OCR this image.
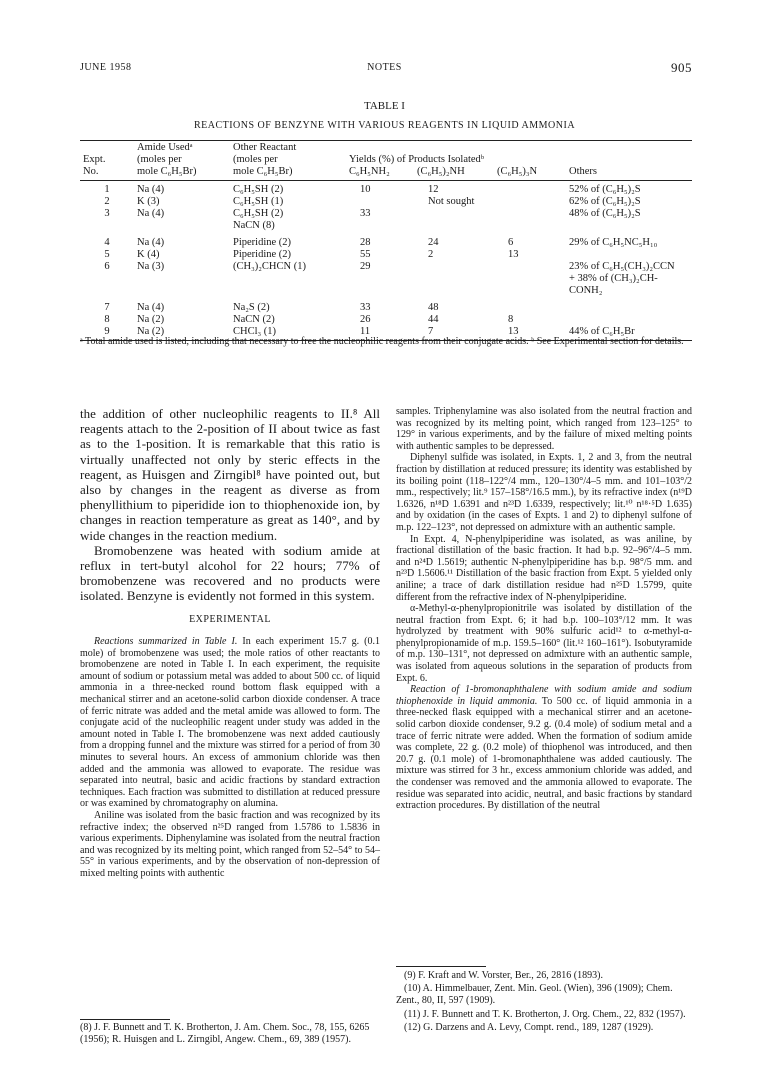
JUNE 1958	NOTES	905
TABLE I
REACTIONS OF BENZYNE WITH VARIOUS REAGENTS IN LIQUID AMMONIA
	Amide Usedᵃ	Other Reactant				
Expt.	(moles per	(moles per	Yields (%) of Products Isolatedᵇ			
No.	mole C₆H₅Br)	mole C₆H₅Br)	C₆H₅NH₂	(C₆H₅)₂NH	(C₆H₅)₃N	Others
1	Na (4)	C₆H₅SH (2)	10	12		52% of (C₆H₅)₂S
2	K (3)	C₆H₅SH (1)		Not sought		62% of (C₆H₅)₂S
3	Na (4)	C₆H₅SH (2)	33			48% of (C₆H₅)₂S
		NaCN (8)				
4	Na (4)	Piperidine (2)	28	24	6	29% of C₆H₅NC₅H₁₀
5	K (4)	Piperidine (2)	55	2	13	
6	Na (3)	(CH₃)₂CHCN (1)	29			23% of C₆H₅(CH₃)₂CCN
						+ 38% of (CH₃)₂CH-
						CONH₂
7	Na (4)	Na₂S (2)	33	48		
8	Na (2)	NaCN (2)	26	44	8	
9	Na (2)	CHCl₃ (1)	11	7	13	44% of C₆H₅Br
ᵃ Total amide used is listed, including that necessary to free the nucleophilic reagents from their conjugate acids. ᵇ See Experimental section for details.

the addition of other nucleophilic reagents to II.⁸ All reagents attach to the 2-position of II about twice as fast as to the 1-position. It is remarkable that this ratio is virtually unaffected not only by steric effects in the reagent, as Huisgen and Zirngibl⁸ have pointed out, but also by changes in the reagent as diverse as from phenyllithium to piperidide ion to thiophenoxide ion, by changes in reaction temperature as great as 140°, and by wide changes in the reaction medium.

Bromobenzene was heated with sodium amide at reflux in tert-butyl alcohol for 22 hours; 77% of bromobenzene was recovered and no products were isolated. Benzyne is evidently not formed in this system.

EXPERIMENTAL

Reactions summarized in Table I. In each experiment 15.7 g. (0.1 mole) of bromobenzene was used; the mole ratios of other reactants to bromobenzene are noted in Table I. In each experiment, the requisite amount of sodium or potassium metal was added to about 500 cc. of liquid ammonia in a three-necked round bottom flask equipped with a mechanical stirrer and an acetone-solid carbon dioxide condenser. A trace of ferric nitrate was added and the metal amide was allowed to form. The conjugate acid of the nucleophilic reagent under study was added in the amount noted in Table I. The bromobenzene was next added cautiously from a dropping funnel and the mixture was stirred for a period of from 30 minutes to several hours. An excess of ammonium chloride was then added and the ammonia was allowed to evaporate. The residue was separated into neutral, basic and acidic fractions by standard extraction techniques. Each fraction was submitted to distillation at reduced pressure or was examined by chromatography on alumina.

Aniline was isolated from the basic fraction and was recognized by its refractive index; the observed n²⁵D ranged from 1.5786 to 1.5836 in various experiments. Diphenylamine was isolated from the neutral fraction and was recognized by its melting point, which ranged from 52–54° to 54–55° in various experiments, and by the observation of non-depression of mixed melting points with authentic

(8) J. F. Bunnett and T. K. Brotherton, J. Am. Chem. Soc., 78, 155, 6265 (1956); R. Huisgen and L. Zirngibl, Angew. Chem., 69, 389 (1957).

samples. Triphenylamine was also isolated from the neutral fraction and was recognized by its melting point, which ranged from 123–125° to 129° in various experiments, and by the failure of mixed melting points with authentic samples to be depressed.

Diphenyl sulfide was isolated, in Expts. 1, 2 and 3, from the neutral fraction by distillation at reduced pressure; its identity was established by its boiling point (118–122°/4 mm., 120–130°/4–5 mm. and 101–103°/2 mm., respectively; lit.⁹ 157–158°/16.5 mm.), by its refractive index (n¹⁹D 1.6326, n¹⁸D 1.6391 and n²³D 1.6339, respectively; lit.¹⁰ n¹⁸·⁵D 1.635) and by oxidation (in the cases of Expts. 1 and 2) to diphenyl sulfone of m.p. 122–123°, not depressed on admixture with an authentic sample.

In Expt. 4, N-phenylpiperidine was isolated, as was aniline, by fractional distillation of the basic fraction. It had b.p. 92–96°/4–5 mm. and n²⁴D 1.5619; authentic N-phenylpiperidine has b.p. 98°/5 mm. and n²³D 1.5606.¹¹ Distillation of the basic fraction from Expt. 5 yielded only aniline; a trace of dark distillation residue had n²⁵D 1.5799, quite different from the refractive index of N-phenylpiperidine.

α-Methyl-α-phenylpropionitrile was isolated by distillation of the neutral fraction from Expt. 6; it had b.p. 100–103°/12 mm. It was hydrolyzed by treatment with 90% sulfuric acid¹² to α-methyl-α-phenylpropionamide of m.p. 159.5–160° (lit.¹² 160–161°). Isobutyramide of m.p. 130–131°, not depressed on admixture with an authentic sample, was isolated from aqueous solutions in the separation of products from Expt. 6.

Reaction of 1-bromonaphthalene with sodium amide and sodium thiophenoxide in liquid ammonia. To 500 cc. of liquid ammonia in a three-necked flask equipped with a mechanical stirrer and an acetone-solid carbon dioxide condenser, 9.2 g. (0.4 mole) of sodium metal and a trace of ferric nitrate were added. When the formation of sodium amide was complete, 22 g. (0.2 mole) of thiophenol was introduced, and then 20.7 g. (0.1 mole) of 1-bromonaphthalene was added cautiously. The mixture was stirred for 3 hr., excess ammonium chloride was added, and the condenser was removed and the ammonia allowed to evaporate. The residue was separated into acidic, neutral, and basic fractions by standard extraction procedures. By distillation of the neutral

(9) F. Kraft and W. Vorster, Ber., 26, 2816 (1893).

(10) A. Himmelbauer, Zent. Min. Geol. (Wien), 396 (1909); Chem. Zent., 80, II, 597 (1909).

(11) J. F. Bunnett and T. K. Brotherton, J. Org. Chem., 22, 832 (1957).

(12) G. Darzens and A. Levy, Compt. rend., 189, 1287 (1929).
